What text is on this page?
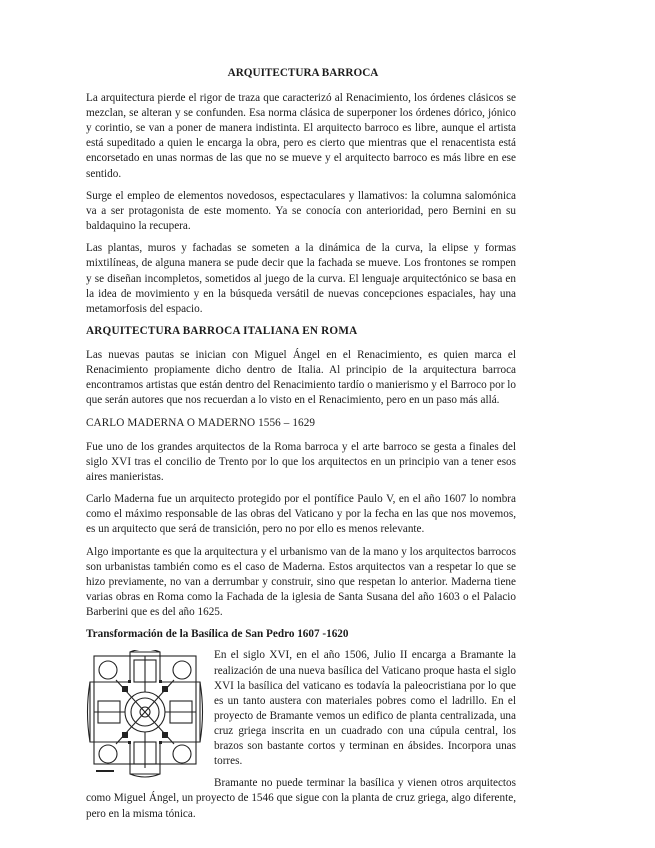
ARQUITECTURA BARROCA

La arquitectura pierde el rigor de traza que caracterizó al Renacimiento, los órdenes clásicos se mezclan, se alteran y se confunden. Esa norma clásica de superponer los órdenes dórico, jónico y corintio, se van a poner de manera indistinta. El arquitecto barroco es libre, aunque el artista está supeditado a quien le encarga la obra, pero es cierto que mientras que el renacentista está encorsetado en unas normas de las que no se mueve y el arquitecto barroco es más libre en ese sentido.

Surge el empleo de elementos novedosos, espectaculares y llamativos: la columna salomónica va a ser protagonista de este momento. Ya se conocía con anterioridad, pero Bernini en su baldaquino la recupera.

Las plantas, muros y fachadas se someten a la dinámica de la curva, la elipse y formas mixtilíneas, de alguna manera se pude decir que la fachada se mueve. Los frontones se rompen y se diseñan incompletos, sometidos al juego de la curva. El lenguaje arquitectónico se basa en la idea de movimiento y en la búsqueda versátil de nuevas concepciones espaciales, hay una metamorfosis del espacio.

ARQUITECTURA BARROCA ITALIANA EN ROMA

Las nuevas pautas se inician con Miguel Ángel en el Renacimiento, es quien marca el Renacimiento propiamente dicho dentro de Italia. Al principio de la arquitectura barroca encontramos artistas que están dentro del Renacimiento tardío o manierismo y el Barroco por lo que serán autores que nos recuerdan a lo visto en el Renacimiento, pero en un paso más allá.

CARLO MADERNA O MADERNO 1556 – 1629

Fue uno de los grandes arquitectos de la Roma barroca y el arte barroco se gesta a finales del siglo XVI tras el concilio de Trento por lo que los arquitectos en un principio van a tener esos aires manieristas.

Carlo Maderna fue un arquitecto protegido por el pontífice Paulo V, en el año 1607 lo nombra como el máximo responsable de las obras del Vaticano y por la fecha en las que nos movemos, es un arquitecto que será de transición, pero no por ello es menos relevante.

Algo importante es que la arquitectura y el urbanismo van de la mano y los arquitectos barrocos son urbanistas también como es el caso de Maderna. Estos arquitectos van a respetar lo que se hizo previamente, no van a derrumbar y construir, sino que respetan lo anterior. Maderna tiene varias obras en Roma como la Fachada de la iglesia de Santa Susana del año 1603 o el Palacio Barberini que es del año 1625.

Transformación de la Basílica de San Pedro 1607 -1620

En el siglo XVI, en el año 1506, Julio II encarga a Bramante la realización de una nueva basílica del Vaticano proque hasta el siglo XVI la basílica del vaticano es todavía la paleocristiana por lo que es un tanto austera con materiales pobres como el ladrillo. En el proyecto de Bramante vemos un edifico de planta centralizada, una cruz griega inscrita en un cuadrado con una cúpula central, los brazos son bastante cortos y terminan en ábsides. Incorpora unas torres.

Bramante no puede terminar la basílica y vienen otros arquitectos como Miguel Ángel, un proyecto de 1546 que sigue con la planta de cruz griega, algo diferente, pero en la misma tónica.
